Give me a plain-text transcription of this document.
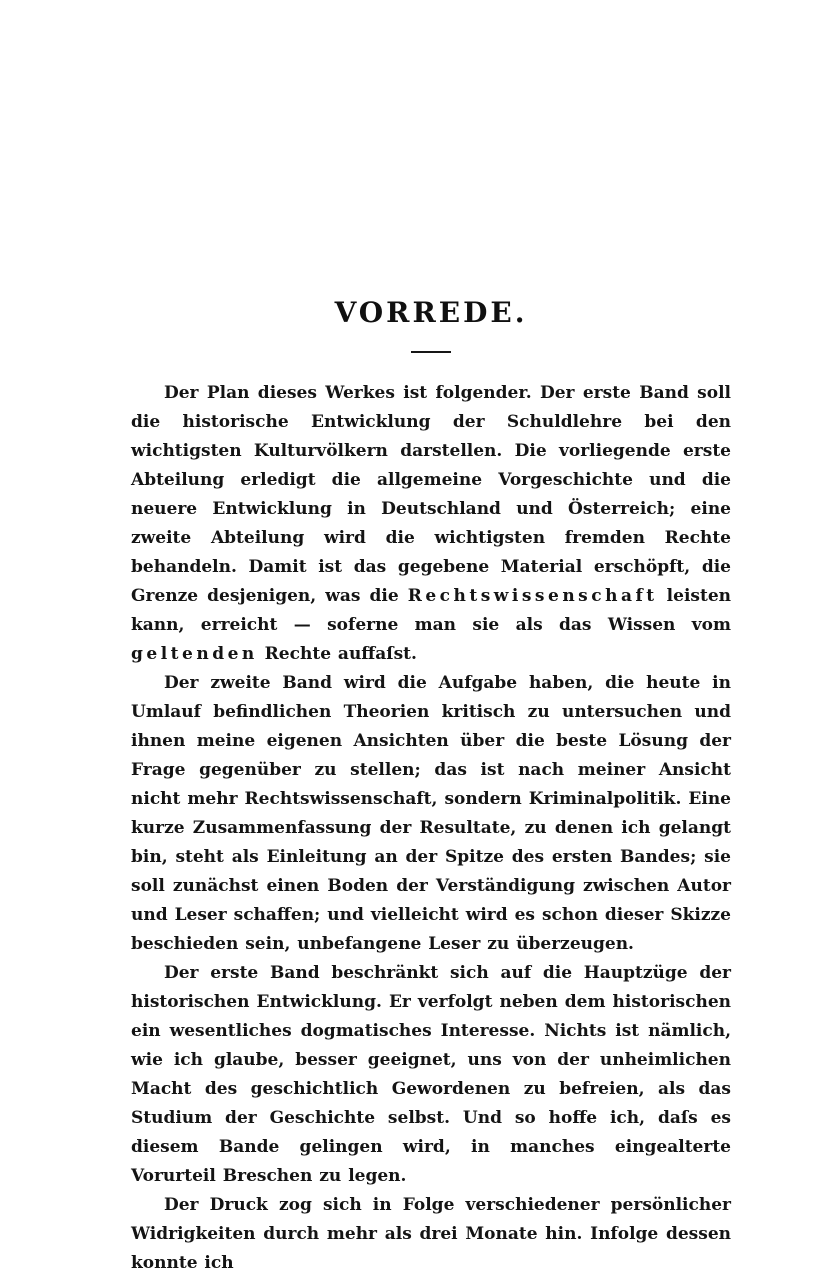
VORREDE.

Der Plan dieses Werkes ist folgender. Der erste Band soll die historische Entwicklung der Schuldlehre bei den wichtigsten Kulturvölkern darstellen. Die vorliegende erste Abteilung erledigt die allgemeine Vorgeschichte und die neuere Entwicklung in Deutschland und Österreich; eine zweite Abteilung wird die wichtigsten fremden Rechte behandeln. Damit ist das gegebene Material erschöpft, die Grenze desjenigen, was die Rechtswissenschaft leisten kann, erreicht — soferne man sie als das Wissen vom geltenden Rechte auffaſst.

Der zweite Band wird die Aufgabe haben, die heute in Umlauf befindlichen Theorien kritisch zu untersuchen und ihnen meine eigenen Ansichten über die beste Lösung der Frage gegenüber zu stellen; das ist nach meiner Ansicht nicht mehr Rechtswissenschaft, sondern Kriminalpolitik. Eine kurze Zusammenfassung der Resultate, zu denen ich gelangt bin, steht als Einleitung an der Spitze des ersten Bandes; sie soll zunächst einen Boden der Verständigung zwischen Autor und Leser schaffen; und vielleicht wird es schon dieser Skizze beschieden sein, unbefangene Leser zu überzeugen.

Der erste Band beschränkt sich auf die Hauptzüge der historischen Entwicklung. Er verfolgt neben dem historischen ein wesentliches dogmatisches Interesse. Nichts ist nämlich, wie ich glaube, besser geeignet, uns von der unheimlichen Macht des geschichtlich Gewordenen zu befreien, als das Studium der Geschichte selbst. Und so hoffe ich, daſs es diesem Bande gelingen wird, in manches eingealterte Vorurteil Breschen zu legen.

Der Druck zog sich in Folge verschiedener persönlicher Widrigkeiten durch mehr als drei Monate hin. Infolge dessen konnte ich
